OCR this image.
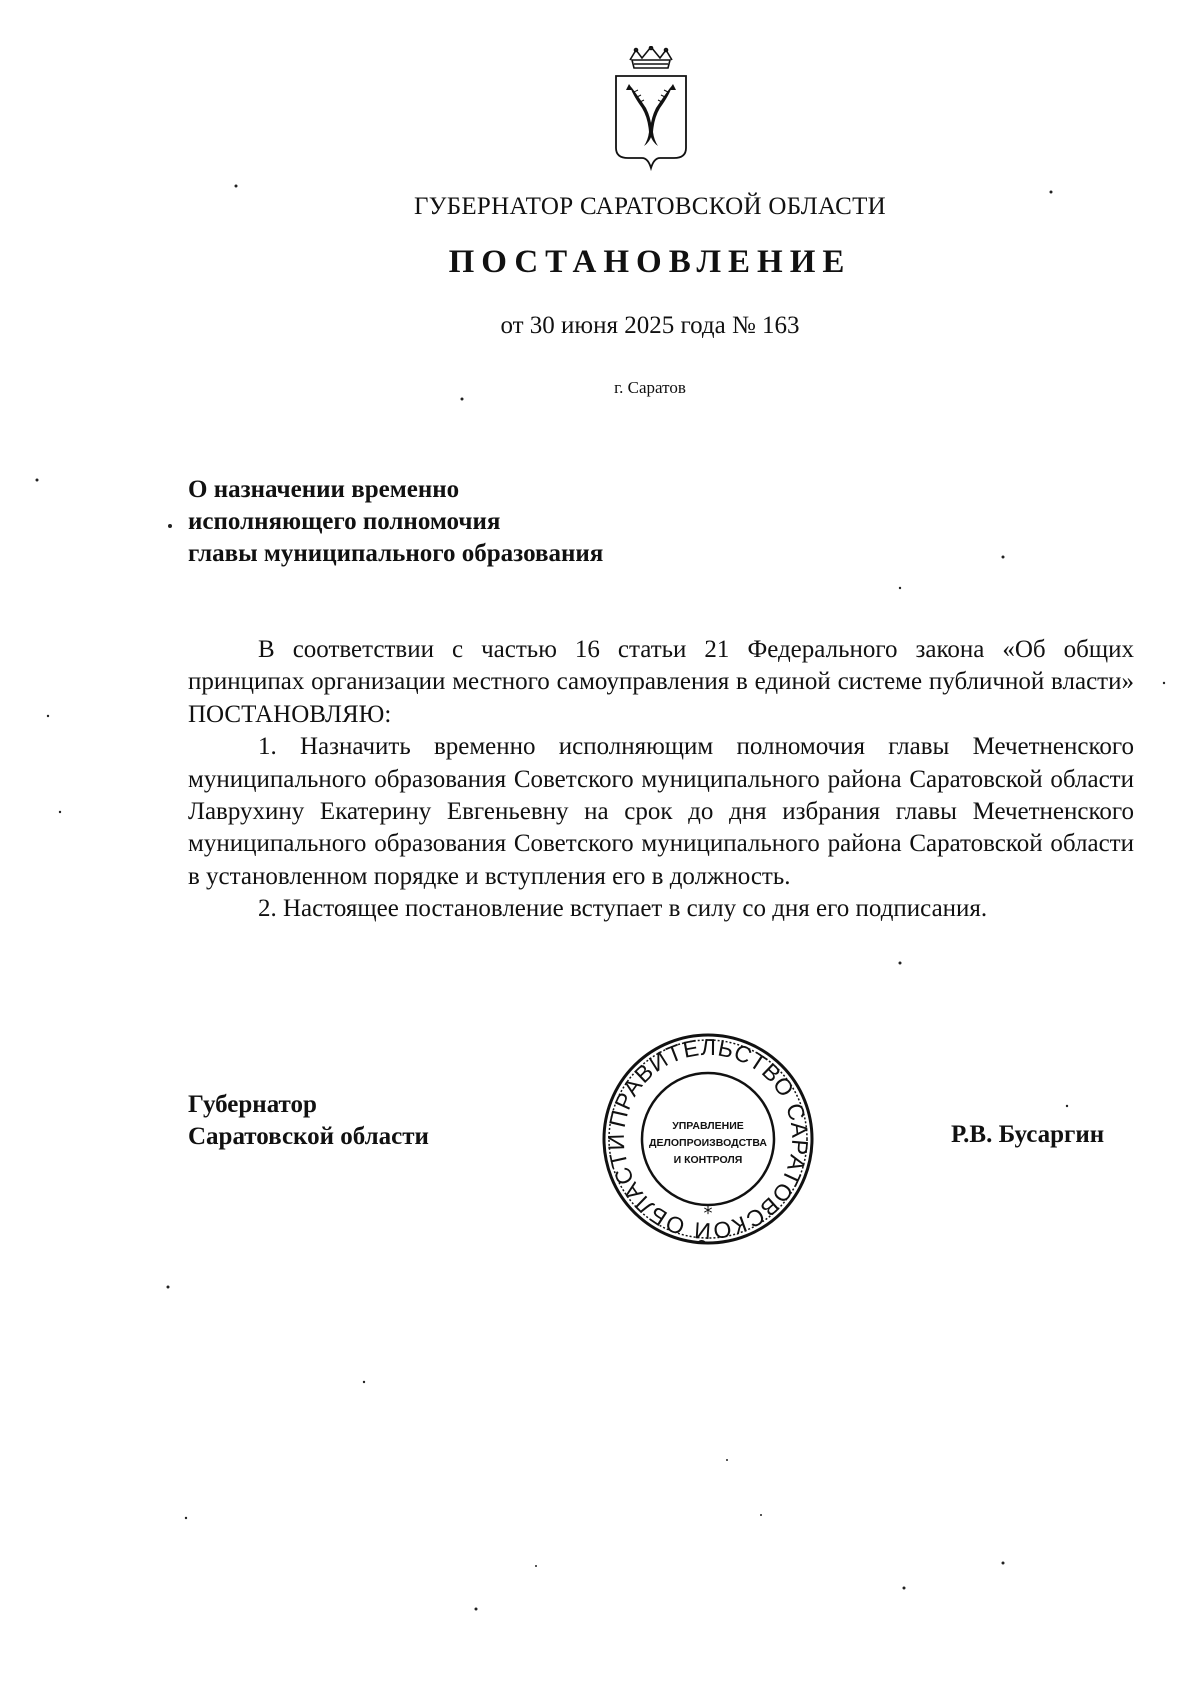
ГУБЕРНАТОР САРАТОВСКОЙ ОБЛАСТИ
ПОСТАНОВЛЕНИЕ
от 30 июня 2025 года № 163
г. Саратов
О назначении временно
исполняющего полномочия
главы муниципального образования

В соответствии с частью 16 статьи 21 Федерального закона «Об общих принципах организации местного самоуправления в единой системе публичной власти» ПОСТАНОВЛЯЮ:

1. Назначить временно исполняющим полномочия главы Мечетненского муниципального образования Советского муниципального района Саратовской области Лаврухину Екатерину Евгеньевну на срок до дня избрания главы Мечетненского муниципального образования Советского муниципального района Саратовской области в установленном порядке и вступления его в должность.

2. Настоящее постановление вступает в силу со дня его подписания.

Губернатор
Саратовской области
ПРАВИТЕЛЬСТВО САРАТОВСКОЙ ОБЛАСТИ
*
УПРАВЛЕНИЕ
ДЕЛОПРОИЗВОДСТВА
И КОНТРОЛЯ
Р.В. Бусаргин
